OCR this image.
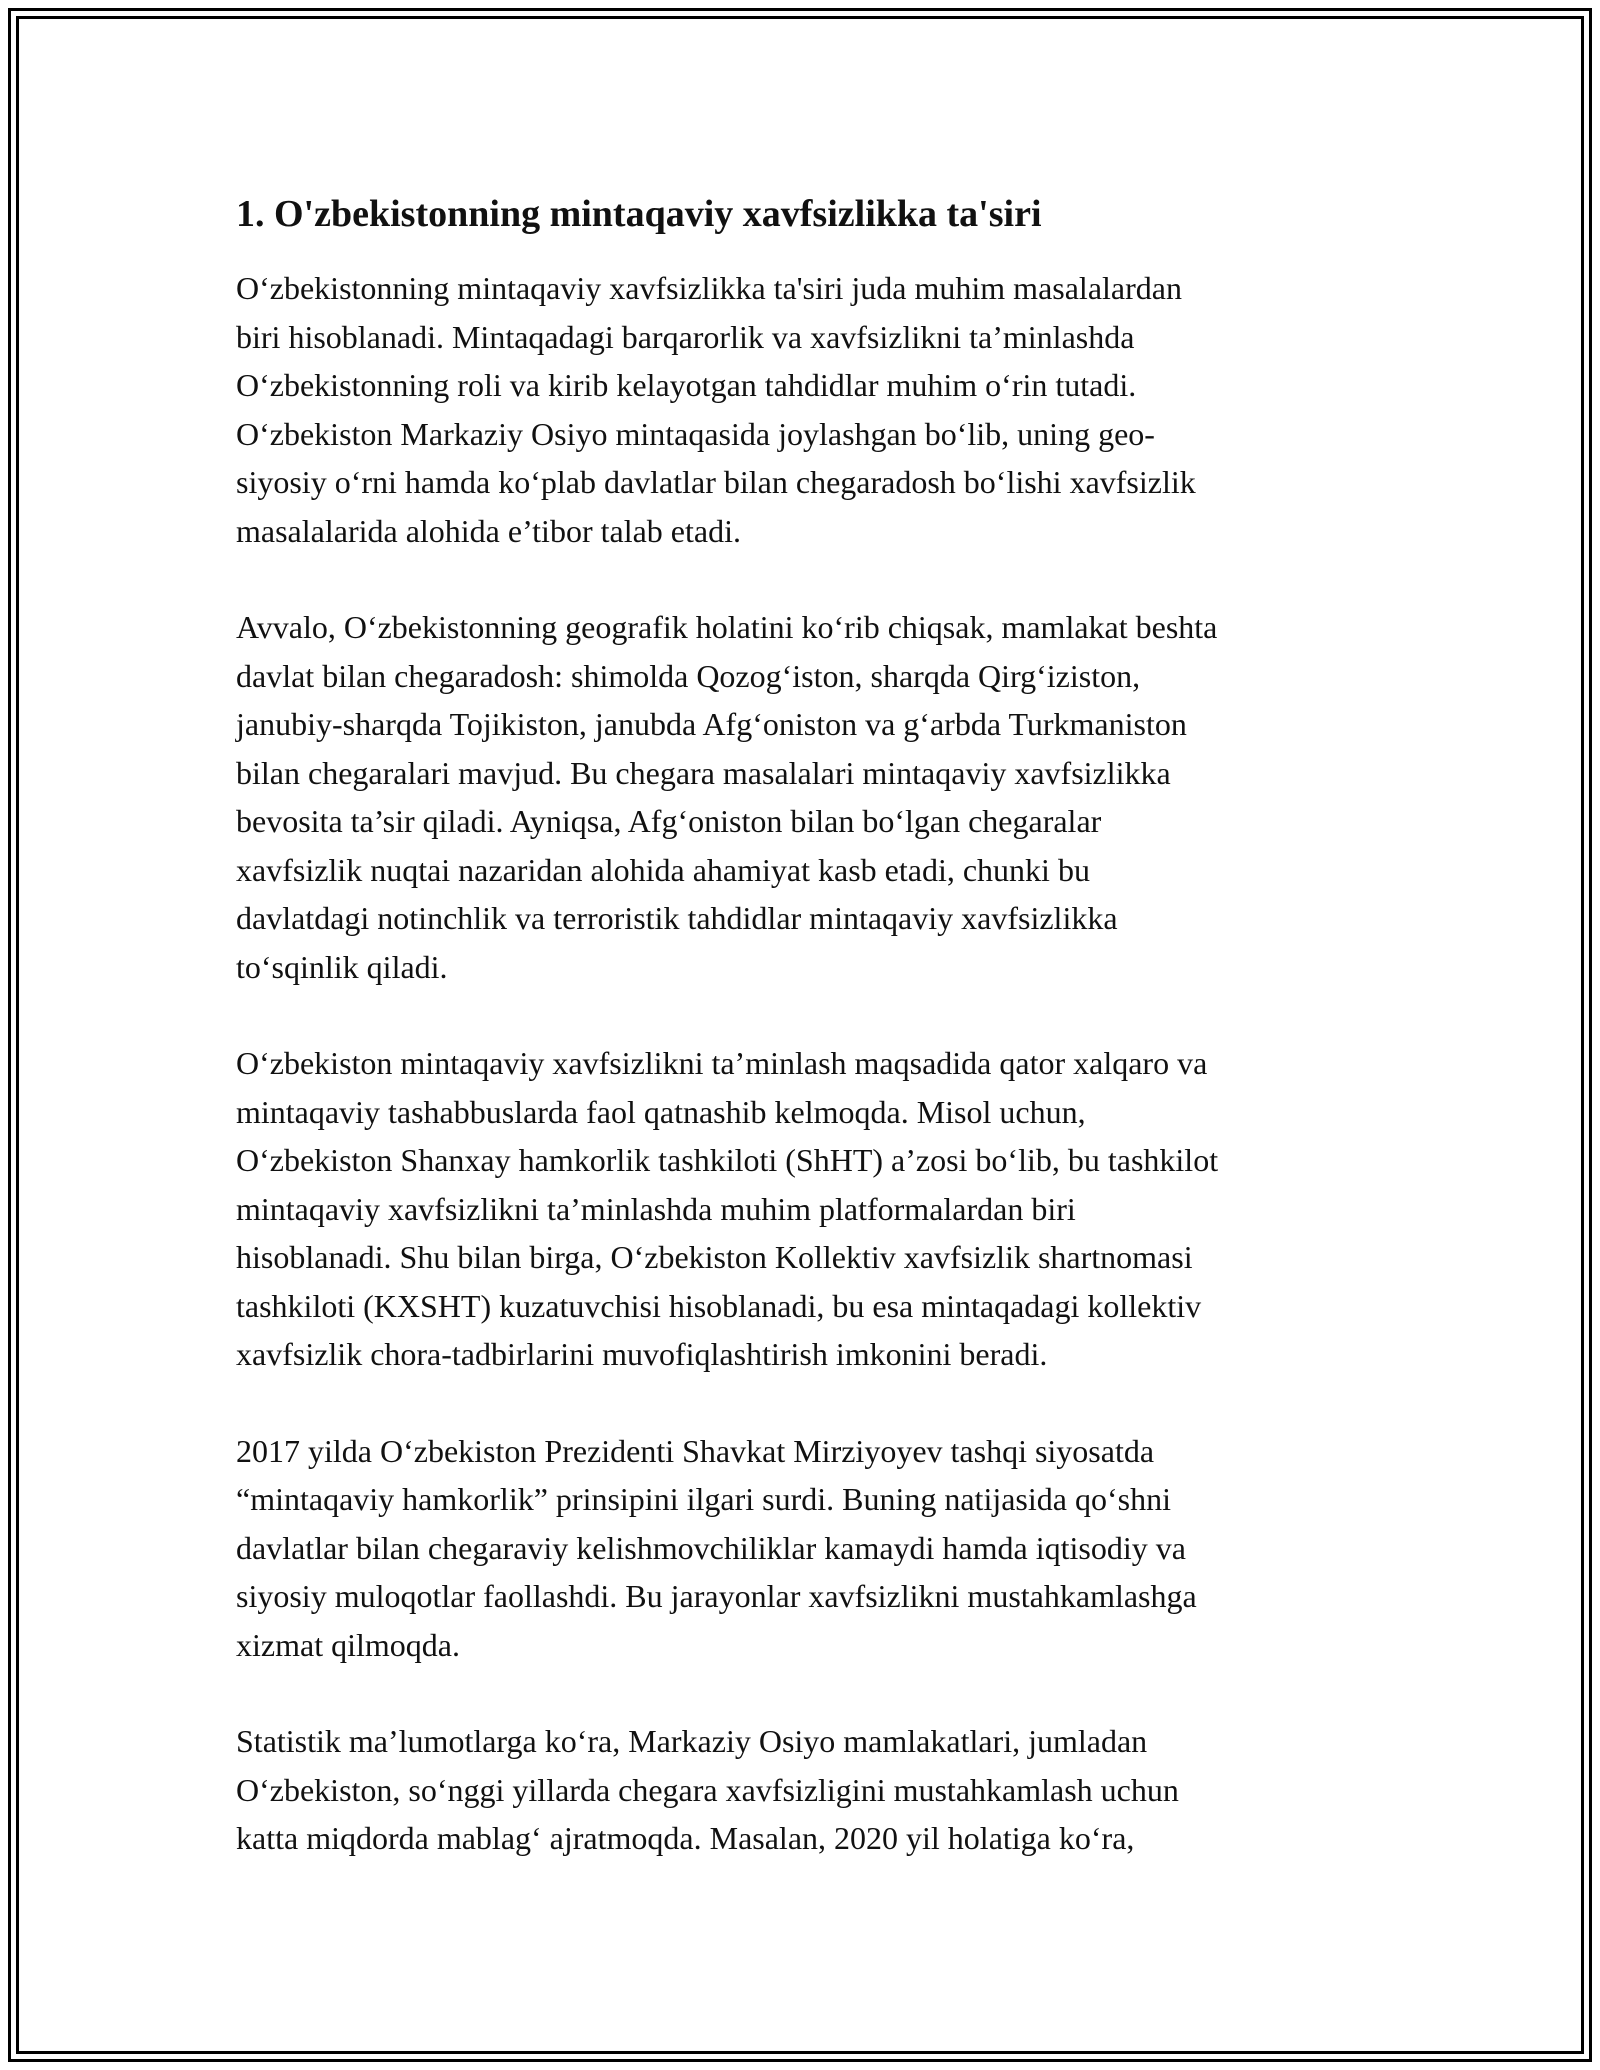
1. O'zbekistonning mintaqaviy xavfsizlikka ta'siri

O‘zbekistonning mintaqaviy xavfsizlikka ta'siri juda muhim masalalardan
biri hisoblanadi. Mintaqadagi barqarorlik va xavfsizlikni ta’minlashda
O‘zbekistonning roli va kirib kelayotgan tahdidlar muhim o‘rin tutadi.
O‘zbekiston Markaziy Osiyo mintaqasida joylashgan bo‘lib, uning geo-
siyosiy o‘rni hamda ko‘plab davlatlar bilan chegaradosh bo‘lishi xavfsizlik
masalalarida alohida e’tibor talab etadi.

Avvalo, O‘zbekistonning geografik holatini ko‘rib chiqsak, mamlakat beshta
davlat bilan chegaradosh: shimolda Qozog‘iston, sharqda Qirg‘iziston,
janubiy-sharqda Tojikiston, janubda Afg‘oniston va g‘arbda Turkmaniston
bilan chegaralari mavjud. Bu chegara masalalari mintaqaviy xavfsizlikka
bevosita ta’sir qiladi. Ayniqsa, Afg‘oniston bilan bo‘lgan chegaralar
xavfsizlik nuqtai nazaridan alohida ahamiyat kasb etadi, chunki bu
davlatdagi notinchlik va terroristik tahdidlar mintaqaviy xavfsizlikka
to‘sqinlik qiladi.

O‘zbekiston mintaqaviy xavfsizlikni ta’minlash maqsadida qator xalqaro va
mintaqaviy tashabbuslarda faol qatnashib kelmoqda. Misol uchun,
O‘zbekiston Shanxay hamkorlik tashkiloti (ShHT) a’zosi bo‘lib, bu tashkilot
mintaqaviy xavfsizlikni ta’minlashda muhim platformalardan biri
hisoblanadi. Shu bilan birga, O‘zbekiston Kollektiv xavfsizlik shartnomasi
tashkiloti (KXSHT) kuzatuvchisi hisoblanadi, bu esa mintaqadagi kollektiv
xavfsizlik chora-tadbirlarini muvofiqlashtirish imkonini beradi.

2017 yilda O‘zbekiston Prezidenti Shavkat Mirziyoyev tashqi siyosatda
“mintaqaviy hamkorlik” prinsipini ilgari surdi. Buning natijasida qo‘shni
davlatlar bilan chegaraviy kelishmovchiliklar kamaydi hamda iqtisodiy va
siyosiy muloqotlar faollashdi. Bu jarayonlar xavfsizlikni mustahkamlashga
xizmat qilmoqda.

Statistik ma’lumotlarga ko‘ra, Markaziy Osiyo mamlakatlari, jumladan
O‘zbekiston, so‘nggi yillarda chegara xavfsizligini mustahkamlash uchun
katta miqdorda mablag‘ ajratmoqda. Masalan, 2020 yil holatiga ko‘ra,
